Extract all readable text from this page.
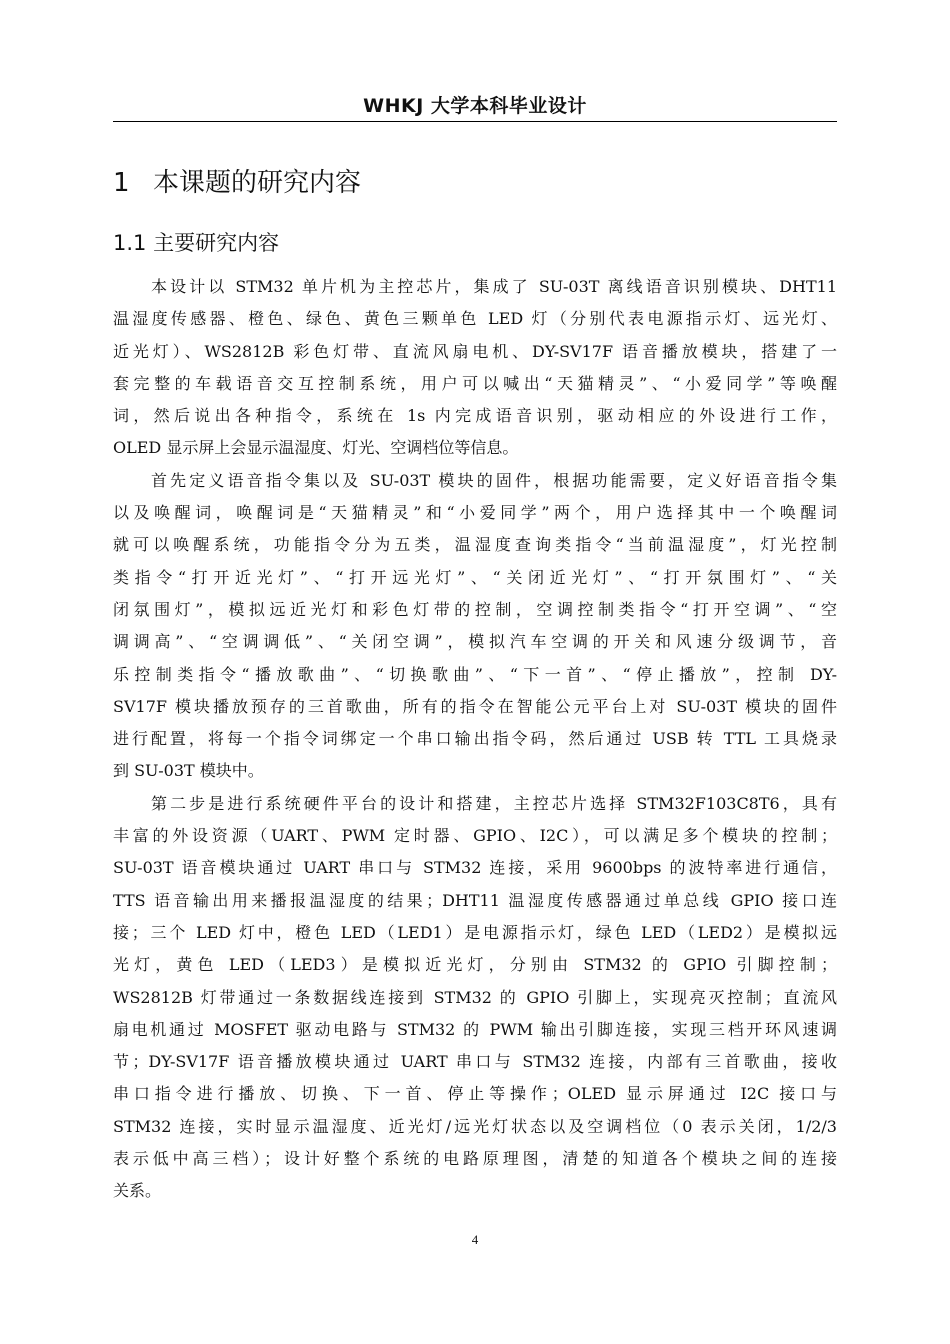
WHKJ 大学本科毕业设计
1 本课题的研究内容
1.1 主要研究内容
本设计以 STM32 单片机为主控芯片，集成了 SU-03T 离线语音识别模块、DHT11
温湿度传感器、橙色、绿色、黄色三颗单色 LED 灯（分别代表电源指示灯、远光灯、
近光灯）、WS2812B 彩色灯带、直流风扇电机、DY-SV17F 语音播放模块，搭建了一
套完整的车载语音交互控制系统，用户可以喊出“天猫精灵”、“小爱同学”等唤醒
词，然后说出各种指令，系统在 1s 内完成语音识别，驱动相应的外设进行工作，
OLED 显示屏上会显示温湿度、灯光、空调档位等信息。
首先定义语音指令集以及 SU-03T 模块的固件，根据功能需要，定义好语音指令集
以及唤醒词，唤醒词是“天猫精灵”和“小爱同学”两个，用户选择其中一个唤醒词
就可以唤醒系统，功能指令分为五类，温湿度查询类指令“当前温湿度”，灯光控制
类指令“打开近光灯”、“打开远光灯”、“关闭近光灯”、“打开氛围灯”、“关
闭氛围灯”，模拟远近光灯和彩色灯带的控制，空调控制类指令“打开空调”、“空
调调高”、“空调调低”、“关闭空调”，模拟汽车空调的开关和风速分级调节，音
乐控制类指令“播放歌曲”、“切换歌曲”、“下一首”、“停止播放”，控制 DY-
SV17F 模块播放预存的三首歌曲，所有的指令在智能公元平台上对 SU-03T 模块的固件
进行配置，将每一个指令词绑定一个串口输出指令码，然后通过 USB 转 TTL 工具烧录
到 SU-03T 模块中。
第二步是进行系统硬件平台的设计和搭建，主控芯片选择 STM32F103C8T6，具有
丰富的外设资源（UART、PWM 定时器、GPIO、I2C），可以满足多个模块的控制；
SU-03T 语音模块通过 UART 串口与 STM32 连接，采用 9600bps 的波特率进行通信，
TTS 语音输出用来播报温湿度的结果；DHT11 温湿度传感器通过单总线 GPIO 接口连
接；三个 LED 灯中，橙色 LED（LED1）是电源指示灯，绿色 LED（LED2）是模拟远
光灯，黄色 LED（LED3）是模拟近光灯，分别由 STM32 的 GPIO 引脚控制；
WS2812B 灯带通过一条数据线连接到 STM32 的 GPIO 引脚上，实现亮灭控制；直流风
扇电机通过 MOSFET 驱动电路与 STM32 的 PWM 输出引脚连接，实现三档开环风速调
节；DY-SV17F 语音播放模块通过 UART 串口与 STM32 连接，内部有三首歌曲，接收
串口指令进行播放、切换、下一首、停止等操作；OLED 显示屏通过 I2C 接口与
STM32 连接，实时显示温湿度、近光灯/远光灯状态以及空调档位（0 表示关闭，1/2/3
表示低中高三档）；设计好整个系统的电路原理图，清楚的知道各个模块之间的连接
关系。
4
